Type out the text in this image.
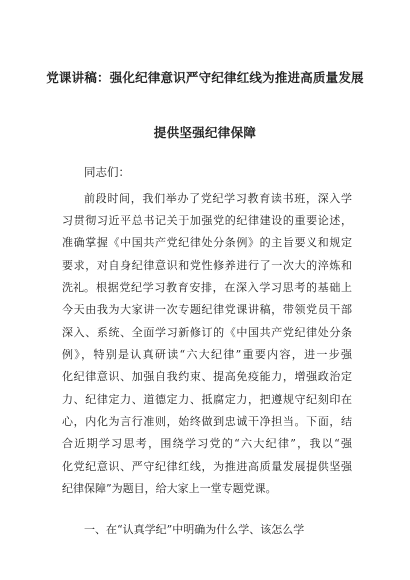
党课讲稿：强化纪律意识严守纪律红线为推进高质量发展
提供坚强纪律保障
同志们：
前段时间，我们举办了党纪学习教育读书班，深入学
习贯彻习近平总书记关于加强党的纪律建设的重要论述，
准确掌握《中国共产党纪律处分条例》的主旨要义和规定
要求，对自身纪律意识和党性修养进行了一次大的淬炼和
洗礼。 根据党纪学习教育安排，在深入学习思考的基础上
今天由我为大家讲一次专题纪律党课讲稿，带领党员干部
深入、系统、全面学习新修订的《中国共产党纪律处分条
例》，特别是认真研读“六大纪律”重要内容，进一步强
化纪律意识、加强自我约束、提高免疫能力，增强政治定
力、纪律定力、道德定力、抵腐定力，把遵规守纪刻印在
心，内化为言行准则，始终做到忠诚干净担当。下面，结
合近期学习思考，围绕学习党的“六大纪律”，我以“强
化党纪意识、严守纪律红线，为推进高质量发展提供坚强
纪律保障”为题目，给大家上一堂专题党课。
一、在“认真学纪”中明确为什么学、该怎么学
